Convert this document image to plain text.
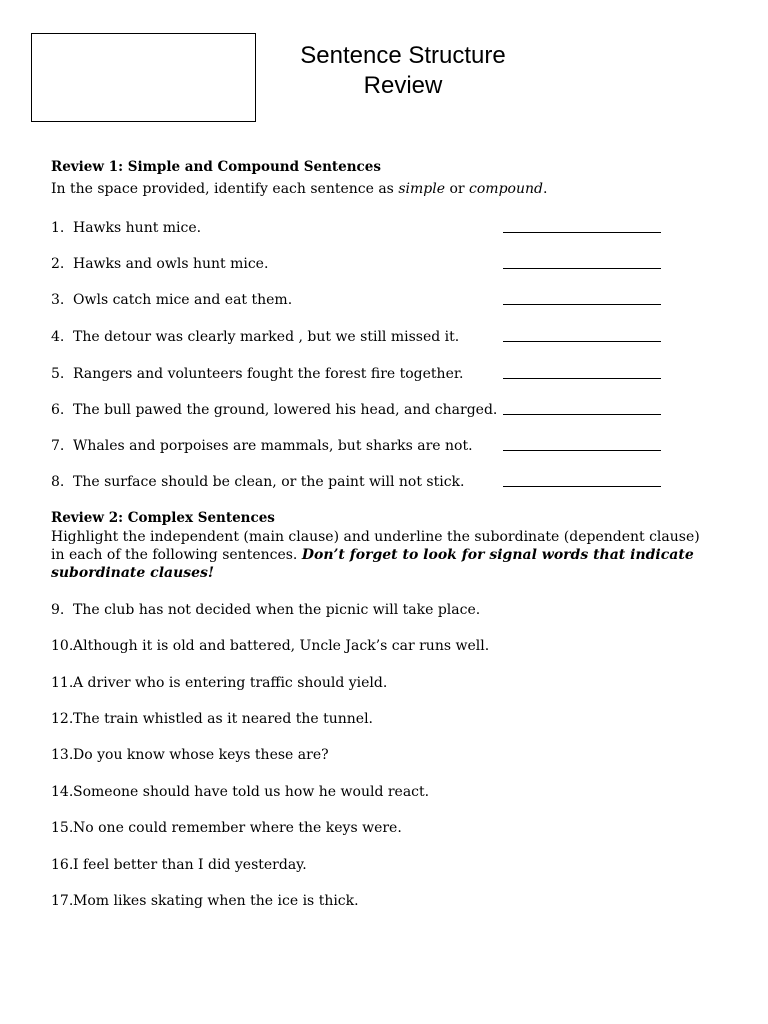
Sentence Structure
Review
Review 1: Simple and Compound Sentences
In the space provided, identify each sentence as simple or compound.
1. Hawks hunt mice.
2. Hawks and owls hunt mice.
3. Owls catch mice and eat them.
4. The detour was clearly marked , but we still missed it.
5. Rangers and volunteers fought the forest fire together.
6. The bull pawed the ground, lowered his head, and charged.
7. Whales and porpoises are mammals, but sharks are not.
8. The surface should be clean, or the paint will not stick.
Review 2: Complex Sentences
Highlight the independent (main clause) and underline the subordinate (dependent clause) in each of the following sentences. Don’t forget to look for signal words that indicate subordinate clauses!
9. The club has not decided when the picnic will take place.
10. Although it is old and battered, Uncle Jack’s car runs well.
11. A driver who is entering traffic should yield.
12. The train whistled as it neared the tunnel.
13. Do you know whose keys these are?
14. Someone should have told us how he would react.
15. No one could remember where the keys were.
16. I feel better than I did yesterday.
17. Mom likes skating when the ice is thick.
